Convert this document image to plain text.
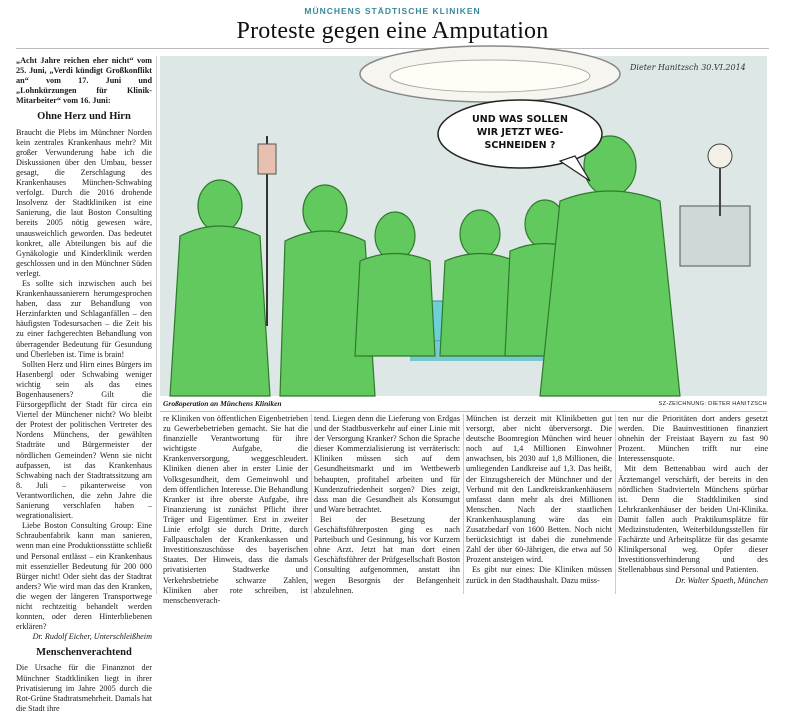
MÜNCHENS STÄDTISCHE KLINIKEN
Proteste gegen eine Amputation

„Acht Jahre reichen eher nicht“ vom 25. Juni, „Verdi kündigt Großkonflikt an“ vom 17. Juni und „Lohnkürzungen für Klinik-Mitarbeiter“ vom 16. Juni:

Ohne Herz und Hirn

Braucht die Plebs im Münchner Norden kein zentrales Krankenhaus mehr? Mit großer Verwunderung habe ich die Diskussionen über den Umbau, besser gesagt, die Zerschlagung des Krankenhauses München-Schwabing verfolgt. Durch die 2016 drohende Insolvenz der Stadtkliniken ist eine Sanierung, die laut Boston Consulting bereits 2005 nötig gewesen wäre, unausweichlich geworden. Das bedeutet konkret, alle Abteilungen bis auf die Gynäkologie und Kinderklinik werden geschlossen und in den Münchner Süden verlegt.

Es sollte sich inzwischen auch bei Krankenhaussanierern herumgesprochen haben, dass zur Behandlung von Herzinfarkten und Schlaganfällen – den häufigsten Todesursachen – die Zeit bis zu einer fachgerechten Behandlung von überragender Bedeutung für Gesundung und Überleben ist. Time is brain!

Sollten Herz und Hirn eines Bürgers im Hasenbergl oder Schwabing weniger wichtig sein als das eines Bogenhauseners? Gilt die Fürsorgepflicht der Stadt für circa ein Viertel der Münchener nicht? Wo bleibt der Protest der politischen Vertreter des Nordens Münchens, der gewählten Stadträte und Bürgermeister der nördlichen Gemeinden? Wenn sie nicht aufpassen, ist das Krankenhaus Schwabing nach der Stadtratssitzung am 8. Juli – pikanterweise von Verantwortlichen, die zehn Jahre die Sanierung verschlafen haben – wegrationalisiert.

Liebe Boston Consulting Group: Eine Schraubenfabrik kann man sanieren, wenn man eine Produktionsstätte schließt und Personal entlässt – ein Krankenhaus mit essenzieller Bedeutung für 200 000 Bürger nicht! Oder sieht das der Stadtrat anders? Wie wird man das den Kranken, die wegen der längeren Transportwege nicht rechtzeitig behandelt werden konnten, oder deren Hinterbliebenen erklären?

Dr. Rudolf Eicher, Unterschleißheim

Menschenverachtend

Die Ursache für die Finanznot der Münchner Stadtkliniken liegt in ihrer Privatisierung im Jahre 2005 durch die Rot-Grüne Stadtratsmehrheit. Damals hat die Stadt ihre

UND WAS SOLLEN
WIR JETZT WEG-
SCHNEIDEN ?
Dieter Hanitzsch 30.VI.2014
Großoperation an Münchens Kliniken	SZ-ZEICHNUNG: DIETER HANITZSCH

re Kliniken von öffentlichen Eigenbetrieben zu Gewerbebetrieben gemacht. Sie hat die finanzielle Verantwortung für ihre wichtigste Aufgabe, die Krankenversorgung, weggeschleudert. Kliniken dienen aber in erster Linie der Volksgesundheit, dem Gemeinwohl und dem öffentlichen Interesse. Die Behandlung Kranker ist ihre oberste Aufgabe, ihre Finanzierung ist zunächst Pflicht ihrer Träger und Eigentümer. Erst in zweiter Linie erfolgt sie durch Dritte, durch Fallpauschalen der Krankenkassen und Investitionszuschüsse des bayerischen Staates. Der Hinweis, dass die damals privatisierten Stadtwerke und Verkehrsbetriebe schwarze Zahlen, Kliniken aber rote schreiben, ist menschenverach-

tend. Liegen denn die Lieferung von Erdgas und der Stadtbusverkehr auf einer Linie mit der Versorgung Kranker? Schon die Sprache dieser Kommerzialisierung ist verräterisch: Kliniken müssen sich auf dem Gesundheitsmarkt und im Wettbewerb behaupten, profitabel arbeiten und für Kundenzufriedenheit sorgen? Dies zeigt, dass man die Gesundheit als Konsumgut und Ware betrachtet.

Bei der Besetzung der Geschäftsführerposten ging es nach Parteibuch und Gesinnung, bis vor Kurzem ohne Arzt. Jetzt hat man dort einen Geschäftsführer der Prüfgesellschaft Boston Consulting aufgenommen, anstatt ihn wegen Besorgnis der Befangenheit abzulehnen.

München ist derzeit mit Klinikbetten gut versorgt, aber nicht überversorgt. Die deutsche Boomregion München wird heuer noch auf 1,4 Millionen Einwohner anwachsen, bis 2030 auf 1,8 Millionen, die umliegenden Landkreise auf 1,3. Das heißt, der Einzugsbereich der Münchner und der Verbund mit den Landkreiskrankenhäusern umfasst dann mehr als drei Millionen Menschen. Nach der staatlichen Krankenhausplanung wäre das ein Zusatzbedarf von 1600 Betten. Noch nicht berücksichtigt ist dabei die zunehmende Zahl der über 60-Jährigen, die etwa auf 50 Prozent ansteigen wird.

Es gibt nur eines: Die Kliniken müssen zurück in den Stadthaushalt. Dazu müss-

ten nur die Prioritäten dort anders gesetzt werden. Die Bauinvestitionen finanziert ohnehin der Freistaat Bayern zu fast 90 Prozent. München trifft nur eine Interessensquote.

Mit dem Bettenabbau wird auch der Ärztemangel verschärft, der bereits in den nördlichen Stadtvierteln Münchens spürbar ist. Denn die Stadtkliniken sind Lehrkrankenhäuser der beiden Uni-Klinika. Damit fallen auch Praktikumsplätze für Medizinstudenten, Weiterbildungsstellen für Fachärzte und Arbeitsplätze für das gesamte Klinikpersonal weg. Opfer dieser Investitionsverhinderung und des Stellenabbaus sind Personal und Patienten.

Dr. Walter Spaeth, München
